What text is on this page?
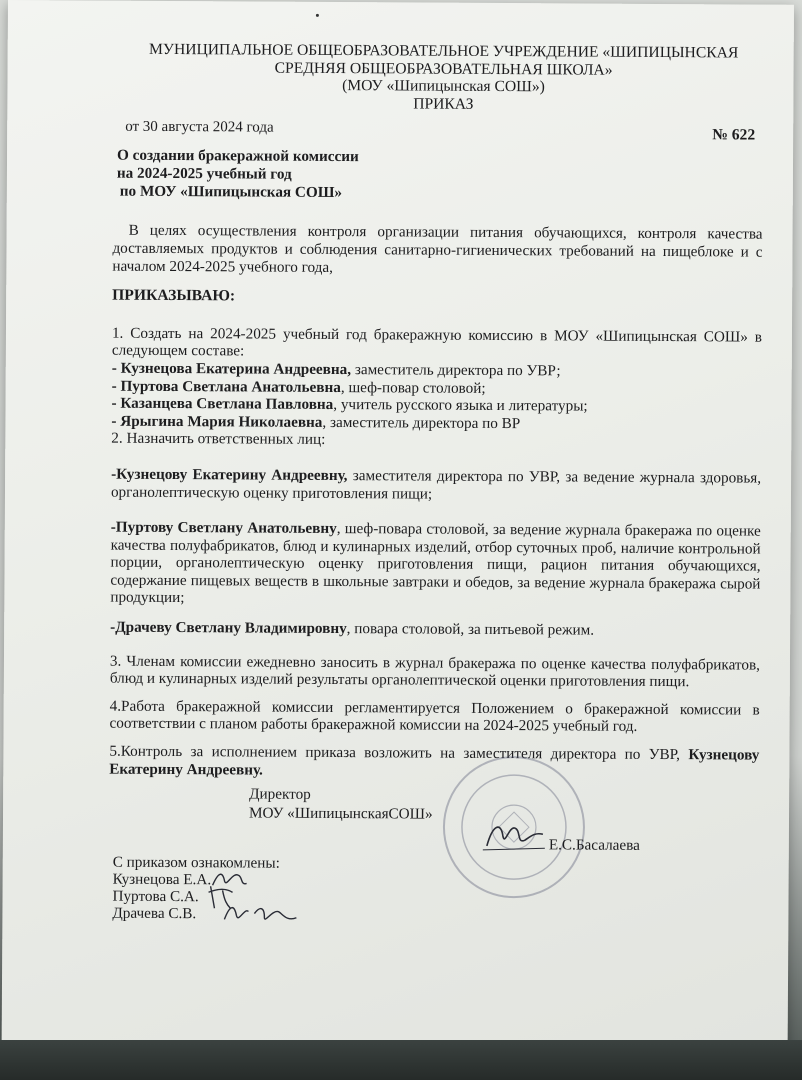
МУНИЦИПАЛЬНОЕ ОБЩЕОБРАЗОВАТЕЛЬНОЕ УЧРЕЖДЕНИЕ «ШИПИЦЫНСКАЯ
СРЕДНЯЯ ОБЩЕОБРАЗОВАТЕЛЬНАЯ ШКОЛА»
(МОУ «Шипицынская СОШ»)
ПРИКАЗ
от 30 августа 2024 года	№ 622
О создании бракеражной комиссии
на 2024-2025 учебный год
по МОУ «Шипицынская СОШ»
В целях осуществления контроля организации питания обучающихся, контроля качества доставляемых продуктов и соблюдения санитарно-гигиенических требований на пищеблоке и с началом 2024-2025 учебного года,
ПРИКАЗЫВАЮ:
1. Создать на 2024-2025 учебный год бракеражную комиссию в МОУ «Шипицынская СОШ» в следующем составе:
- Кузнецова Екатерина Андреевна, заместитель директора по УВР;
- Пуртова Светлана Анатольевна, шеф-повар столовой;
- Казанцева Светлана Павловна, учитель русского языка и литературы;
- Ярыгина Мария Николаевна, заместитель директора по ВР
2. Назначить ответственных лиц:
-Кузнецову Екатерину Андреевну, заместителя директора по УВР, за ведение журнала здоровья, органолептическую оценку приготовления пищи;
-Пуртову Светлану Анатольевну, шеф-повара столовой, за ведение журнала бракеража по оценке качества полуфабрикатов, блюд и кулинарных изделий, отбор суточных проб, наличие контрольной порции, органолептическую оценку приготовления пищи, рацион питания обучающихся, содержание пищевых веществ в школьные завтраки и обедов, за ведение журнала бракеража сырой продукции;
-Драчеву Светлану Владимировну, повара столовой, за питьевой режим.
3. Членам комиссии ежедневно заносить в журнал бракеража по оценке качества полуфабрикатов, блюд и кулинарных изделий результаты органолептической оценки приготовления пищи.
4.Работа бракеражной комиссии регламентируется Положением о бракеражной комиссии в соответствии с планом работы бракеражной комиссии на 2024-2025 учебный год.
5.Контроль за исполнением приказа возложить на заместителя директора по УВР, Кузнецову Екатерину Андреевну.
Директор
МОУ «ШипицынскаяСОШ»
Е.С.Басалаева
С приказом ознакомлены:
Кузнецова Е.А.
Пуртова С.А.
Драчева С.В.
